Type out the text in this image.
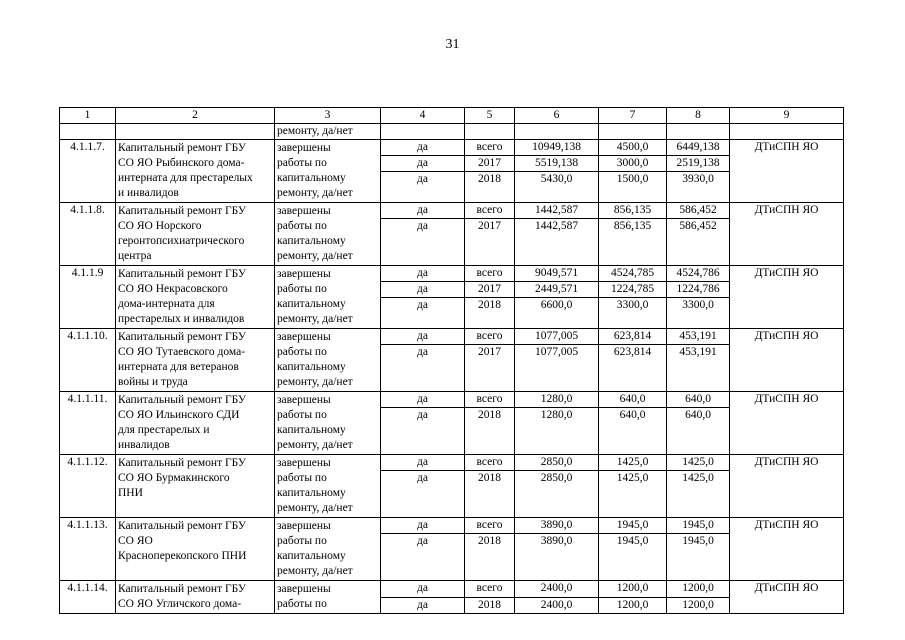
31
1	2	3	4	5	6	7	8	9
		ремонту, да/нет						
4.1.1.7.	Капитальный ремонт ГБУ
СО ЯО Рыбинского дома-
интерната для престарелых
и инвалидов	завершены
работы по
капитальному
ремонту, да/нет	да	всего	10949,138	4500,0	6449,138	ДТиСПН ЯО
			да	2017	5519,138	3000,0	2519,138	
			да	2018	5430,0	1500,0	3930,0	

4.1.1.8.	Капитальный ремонт ГБУ
СО ЯО Норского
геронтопсихиатрического
центра	завершены
работы по
капитальному
ремонту, да/нет	да	всего	1442,587	856,135	586,452	ДТиСПН ЯО
			да	2017	1442,587	856,135	586,452	

4.1.1.9	Капитальный ремонт ГБУ
СО ЯО Некрасовского
дома-интерната для
престарелых и инвалидов	завершены
работы по
капитальному
ремонту, да/нет	да	всего	9049,571	4524,785	4524,786	ДТиСПН ЯО
			да	2017	2449,571	1224,785	1224,786	
			да	2018	6600,0	3300,0	3300,0	

4.1.1.10.	Капитальный ремонт ГБУ
СО ЯО Тутаевского дома-
интерната для ветеранов
войны и труда	завершены
работы по
капитальному
ремонту, да/нет	да	всего	1077,005	623,814	453,191	ДТиСПН ЯО
			да	2017	1077,005	623,814	453,191	

4.1.1.11.	Капитальный ремонт ГБУ
СО ЯО Ильинского СДИ
для престарелых и
инвалидов	завершены
работы по
капитальному
ремонту, да/нет	да	всего	1280,0	640,0	640,0	ДТиСПН ЯО
			да	2018	1280,0	640,0	640,0	

4.1.1.12.	Капитальный ремонт ГБУ
СО ЯО Бурмакинского
ПНИ	завершены
работы по
капитальному
ремонту, да/нет	да	всего	2850,0	1425,0	1425,0	ДТиСПН ЯО
			да	2018	2850,0	1425,0	1425,0	

4.1.1.13.	Капитальный ремонт ГБУ
СО ЯО
Красноперекопского ПНИ	завершены
работы по
капитальному
ремонту, да/нет	да	всего	3890,0	1945,0	1945,0	ДТиСПН ЯО
			да	2018	3890,0	1945,0	1945,0	

4.1.1.14.	Капитальный ремонт ГБУ
СО ЯО Угличского дома-	завершены
работы по	да	всего	2400,0	1200,0	1200,0	ДТиСПН ЯО
			да	2018	2400,0	1200,0	1200,0	
